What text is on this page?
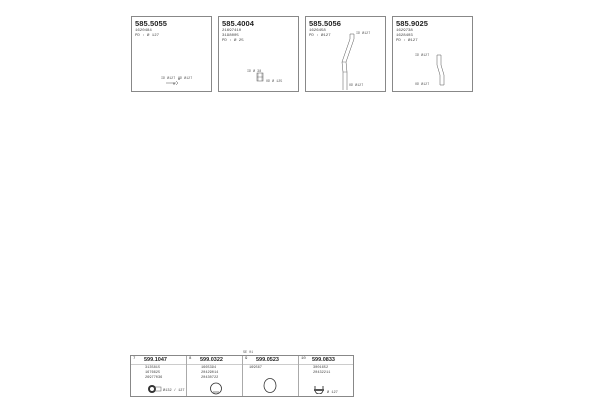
585.5055
1620484
PD : Ø 127
ID Ø127 OD Ø127
M
585.4004
21697410
3198005
PD : Ø 25
ID Ø 38
OD Ø 125
585.5056
1626458
PD : Ø127	ID Ø127
OD Ø127
585.9025
1629738
1628403
PD : Ø127
ID Ø127
OD Ø127
SE 01
7 599.1047
3135815
1676625
26977036
Ø132 / 127
8 599.0322
1665394
20429014
20430722
9 599.0523
169567
10 599.0833
3001652
20432211
Ø 127
